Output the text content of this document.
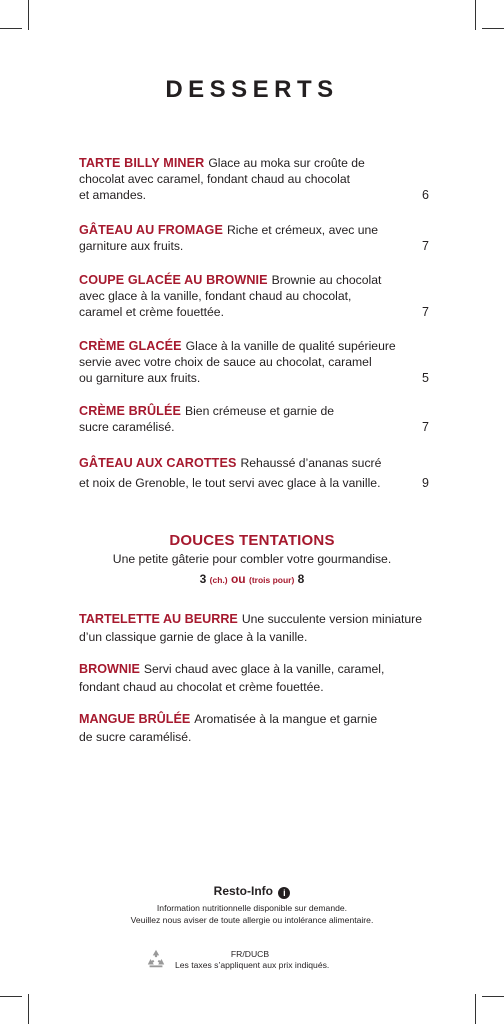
DESSERTS
TARTE BILLY MINER Glace au moka sur croûte de
chocolat avec caramel, fondant chaud au chocolat
et amandes.	6
GÂTEAU AU FROMAGE Riche et crémeux, avec une
garniture aux fruits.	7
COUPE GLACÉE AU BROWNIE Brownie au chocolat
avec glace à la vanille, fondant chaud au chocolat,
caramel et crème fouettée.	7
CRÈME GLACÉE Glace à la vanille de qualité supérieure
servie avec votre choix de sauce au chocolat, caramel
ou garniture aux fruits.	5
CRÈME BRÛLÉE Bien crémeuse et garnie de
sucre caramélisé.	7
GÂTEAU AUX CAROTTES Rehaussé d’ananas sucré
et noix de Grenoble, le tout servi avec glace à la vanille.	9
DOUCES TENTATIONS
Une petite gâterie pour combler votre gourmandise.
3 (ch.) ou (trois pour) 8
TARTELETTE AU BEURRE Une succulente version miniature
d’un classique garnie de glace à la vanille.
BROWNIE Servi chaud avec glace à la vanille, caramel,
fondant chaud au chocolat et crème fouettée.
MANGUE BRÛLÉE Aromatisée à la mangue et garnie
de sucre caramélisé.
Resto-Info i
Information nutritionnelle disponible sur demande.
Veuillez nous aviser de toute allergie ou intolérance alimentaire.
FR/DUCB
Les taxes s’appliquent aux prix indiqués.
